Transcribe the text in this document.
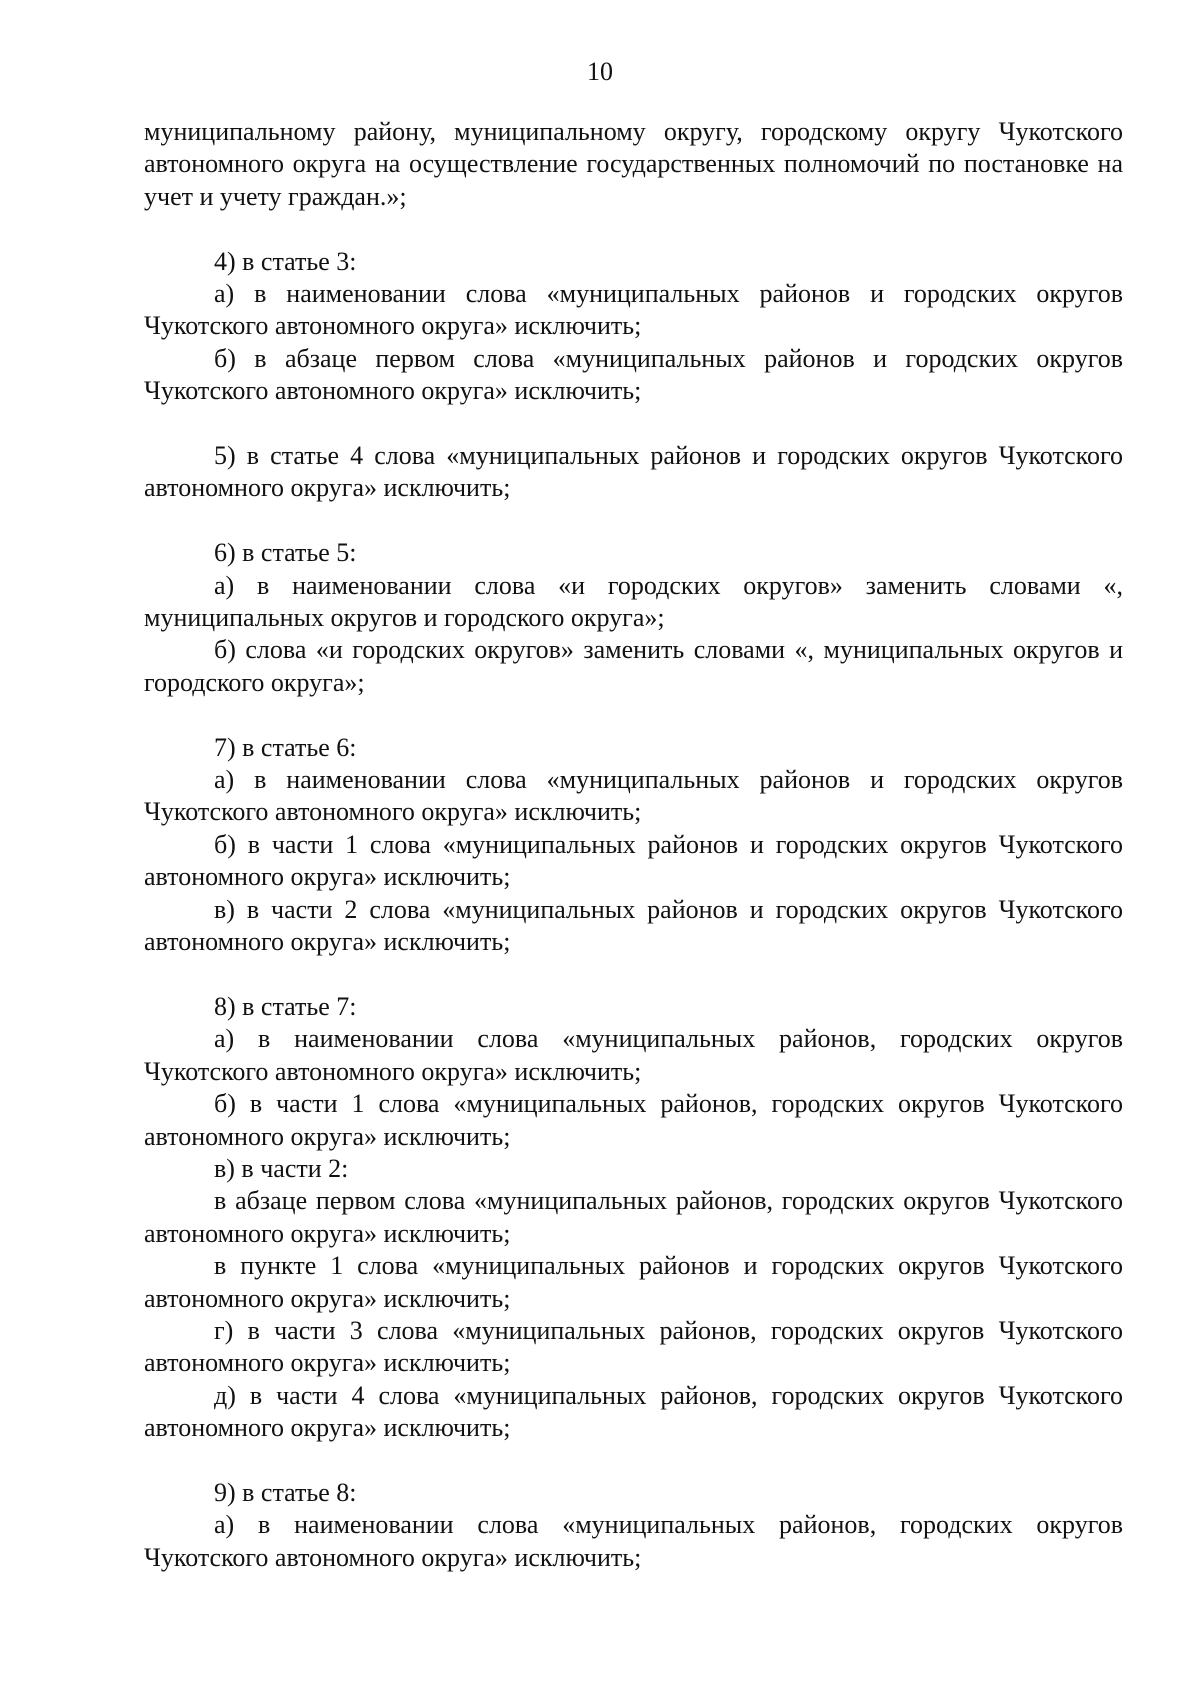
10

муниципальному району, муниципальному округу, городскому округу Чукотского автономного округа на осуществление государственных полномочий по постановке на учет и учету граждан.»;

4) в статье 3:

а) в наименовании слова «муниципальных районов и городских округов Чукотского автономного округа» исключить;

б) в абзаце первом слова «муниципальных районов и городских округов Чукотского автономного округа» исключить;

5) в статье 4 слова «муниципальных районов и городских округов Чукотского автономного округа» исключить;

6) в статье 5:

а) в наименовании слова «и городских округов» заменить словами «, муниципальных округов и городского округа»;

б) слова «и городских округов» заменить словами «, муниципальных округов и городского округа»;

7) в статье 6:

а) в наименовании слова «муниципальных районов и городских округов Чукотского автономного округа» исключить;

б) в части 1 слова «муниципальных районов и городских округов Чукотского автономного округа» исключить;

в) в части 2 слова «муниципальных районов и городских округов Чукотского автономного округа» исключить;

8) в статье 7:

а) в наименовании слова «муниципальных районов, городских округов Чукотского автономного округа» исключить;

б) в части 1 слова «муниципальных районов, городских округов Чукотского автономного округа» исключить;

в) в части 2:

в абзаце первом слова «муниципальных районов, городских округов Чукотского автономного округа» исключить;

в пункте 1 слова «муниципальных районов и городских округов Чукотского автономного округа» исключить;

г) в части 3 слова «муниципальных районов, городских округов Чукотского автономного округа» исключить;

д) в части 4 слова «муниципальных районов, городских округов Чукотского автономного округа» исключить;

9) в статье 8:

а) в наименовании слова «муниципальных районов, городских округов Чукотского автономного округа» исключить;
